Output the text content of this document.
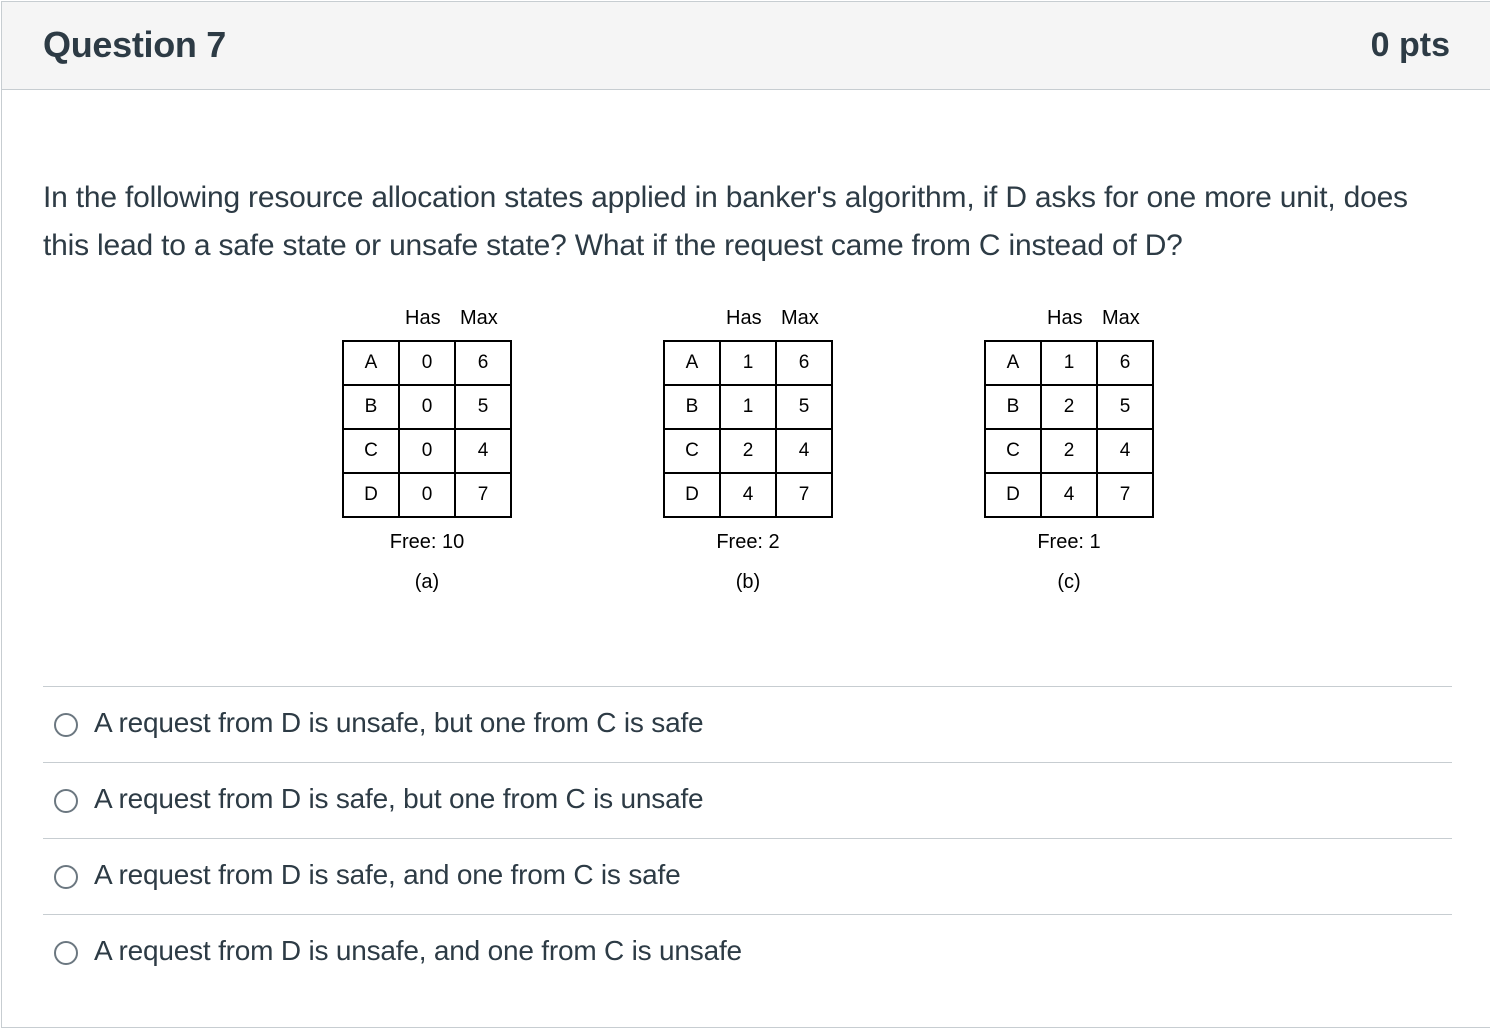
Question 7	0 pts
In the following resource allocation states applied in banker's algorithm, if D asks for one more unit, does this lead to a safe state or unsafe state? What if the request came from C instead of D?
Has Max
A	0	6
B	0	5
C	0	4
D	0	7
Free: 10
(a)
Has Max
A	1	6
B	1	5
C	2	4
D	4	7
Free: 2
(b)
Has Max
A	1	6
B	2	5
C	2	4
D	4	7
Free: 1
(c)
A request from D is unsafe, but one from C is safe
A request from D is safe, but one from C is unsafe
A request from D is safe, and one from C is safe
A request from D is unsafe, and one from C is unsafe
